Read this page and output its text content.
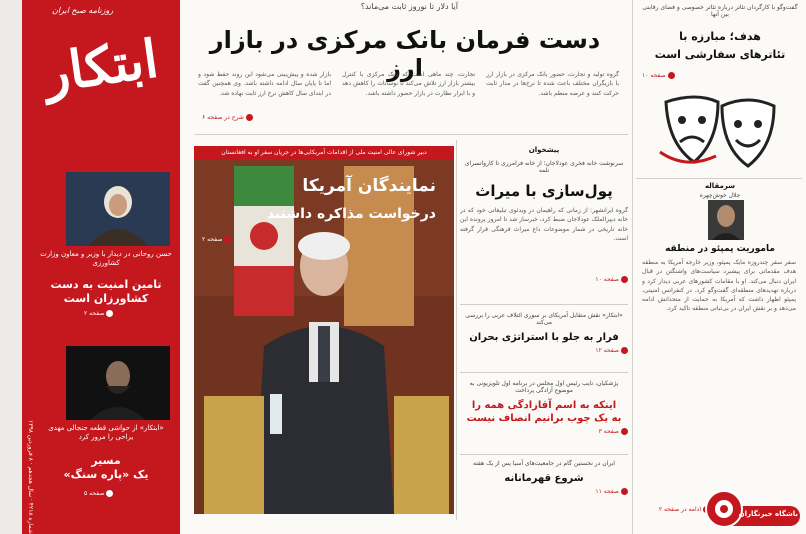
شماره ۴۲۱۸ · سال هجدهم · ۸ فروردین ۱۳۹۸
روزنامه صبح ایران
ابتکار
حسن روحانی در دیدار با وزیر و معاون وزارت کشاورزی
تامین امنیت به دست کشاورزان است
صفحه ۲
«ابتکار» از حواشی قطعه جنجالی مهدی یراحی را مرور کرد
مسیر
یک «پاره سنگ»
صفحه ۵
آیا دلار تا نوروز ثابت می‌ماند؟
دست فرمان بانک مرکزی در بازار ارز
بازار شده و پیش‌بینی می‌شود این روند حفظ شود و اما تا پایان سال ادامه داشته باشد. وی همچنین گفت در ابتدای سال کاهش نرخ ارز ثابت نهاده شد.
تجارت، چند ماهی است که بانک مرکزی با کنترل بیشتر بازار ارز تلاش می‌کند تا نوسانات را کاهش دهد و با ابزار نظارت در بازار حضور داشته باشد.
گروه تولید و تجارت، حضور بانک مرکزی در بازار ارز با بازیگران مختلف باعث شده تا نرخ‌ها در مدار ثابت حرکت کنند و عرضه منظم باشد.
شرح در صفحه ۶
دبیر شورای عالی امنیت ملی از اقدامات آمریکایی‌ها در جریان سفر او به افغانستان
نمایندگان آمریکا
درخواست مذاکره داشتند
صفحه ۲
پیشخوان
سرنوشت خانه فخری عودلاجان؛ از خانه فرامرزی تا کاروانسرای تلمه
پول‌سازی با میراث
گروه ایرانشهر: از زمانی که راهیمان در ویدئوی تبلیغاتی خود که در خانه دیپرالملک عودلاجان ضبط کرد، خبرساز شد تا امروز پرونده این خانه تاریخی در شمار موضوعات داغ میراث فرهنگی قرار گرفته است.
صفحه ۱۰
«ابتکار» نقش متقابل آمریکای بر سوری ائتلاف عربی را بررسی می‌کند
فرار به جلو با استراتژی بحران
صفحه ۱۲
پژشکیان، نایب رئیس اول مجلس در برنامه اول تلویزیونی به موضوع آزادگی پرداخت
اینکه به اسم آقازادگی همه را
به یک چوب برانیم انصاف نیست
صفحه ۳
ایران در نخستین گام در جامعیت‌های آسیا پس از یک هفته
شروع قهرمانانه
صفحه ۱۱
گفت‌وگو با کارگردان تئاتر درباره تئاتر خصوصی و فضای رقابتی بین آنها
هدف؛ مبارزه با
تئاترهای سفارشی است
صفحه ۱۰
سرمقاله
جلال خوش‌چهره
ماموریت پمپئو در منطقه
سفر سفر چندروزه مایک پمپئو، وزیر خارجه آمریکا به منطقه هدف مقدماتی برای پیشبرد سیاست‌های واشنگتن در قبال ایران دنبال می‌کند. او با مقامات کشورهای عربی دیدار کرد و درباره تهدیدهای منطقه‌ای گفت‌وگو کرد. در کنفرانس امنیتی، پمپئو اظهار داشت که آمریکا به حمایت از متحدانش ادامه می‌دهد و بر نقش ایران در بی‌ثباتی منطقه تاکید کرد.
ادامه در صفحه ۲
باشگاه خبرنگاران
